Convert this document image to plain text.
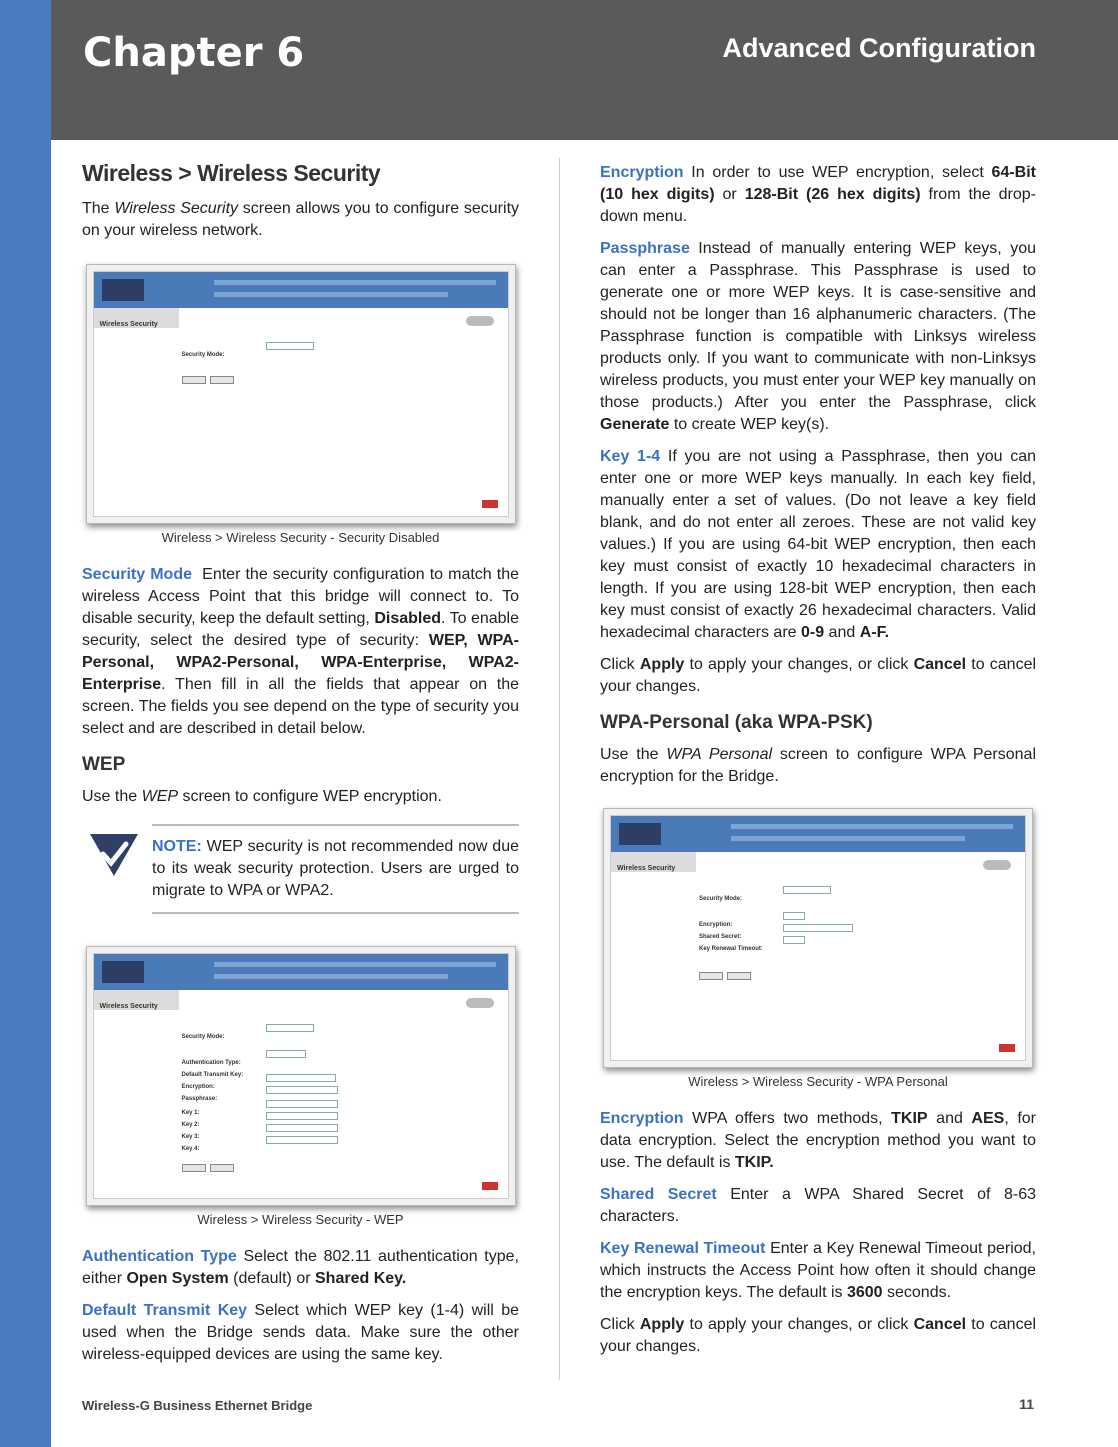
Chapter 6	Advanced Configuration
Wireless > Wireless Security

The Wireless Security screen allows you to configure security on your wireless network.

Wireless Security
Security Mode:
Wireless > Wireless Security - Security Disabled

Security Mode Enter the security configuration to match the wireless Access Point that this bridge will connect to. To disable security, keep the default setting, Disabled. To enable security, select the desired type of security: WEP, WPA-Personal, WPA2-Personal, WPA-Enterprise, WPA2-Enterprise. Then fill in all the fields that appear on the screen. The fields you see depend on the type of security you select and are described in detail below.

WEP

Use the WEP screen to configure WEP encryption.

NOTE: WEP security is not recommended now due to its weak security protection. Users are urged to migrate to WPA or WPA2.
Wireless Security
Security Mode:
Authentication Type:
Default Transmit Key:
Encryption:
Passphrase:
Key 1:
Key 2:
Key 3:
Key 4:
Wireless > Wireless Security - WEP

Authentication Type Select the 802.11 authentication type, either Open System (default) or Shared Key.

Default Transmit Key Select which WEP key (1-4) will be used when the Bridge sends data. Make sure the other wireless-equipped devices are using the same key.

Encryption In order to use WEP encryption, select 64-Bit (10 hex digits) or 128-Bit (26 hex digits) from the drop-down menu.

Passphrase Instead of manually entering WEP keys, you can enter a Passphrase. This Passphrase is used to generate one or more WEP keys. It is case-sensitive and should not be longer than 16 alphanumeric characters. (The Passphrase function is compatible with Linksys wireless products only. If you want to communicate with non-Linksys wireless products, you must enter your WEP key manually on those products.) After you enter the Passphrase, click Generate to create WEP key(s).

Key 1-4 If you are not using a Passphrase, then you can enter one or more WEP keys manually. In each key field, manually enter a set of values. (Do not leave a key field blank, and do not enter all zeroes. These are not valid key values.) If you are using 64-bit WEP encryption, then each key must consist of exactly 10 hexadecimal characters in length. If you are using 128-bit WEP encryption, then each key must consist of exactly 26 hexadecimal characters. Valid hexadecimal characters are 0-9 and A-F.

Click Apply to apply your changes, or click Cancel to cancel your changes.

WPA-Personal (aka WPA-PSK)

Use the WPA Personal screen to configure WPA Personal encryption for the Bridge.

Wireless Security
Security Mode:
Encryption:
Shared Secret:
Key Renewal Timeout:
Wireless > Wireless Security - WPA Personal

Encryption WPA offers two methods, TKIP and AES, for data encryption. Select the encryption method you want to use. The default is TKIP.

Shared Secret Enter a WPA Shared Secret of 8-63 characters.

Key Renewal Timeout Enter a Key Renewal Timeout period, which instructs the Access Point how often it should change the encryption keys. The default is 3600 seconds.

Click Apply to apply your changes, or click Cancel to cancel your changes.

Wireless-G Business Ethernet Bridge	11
